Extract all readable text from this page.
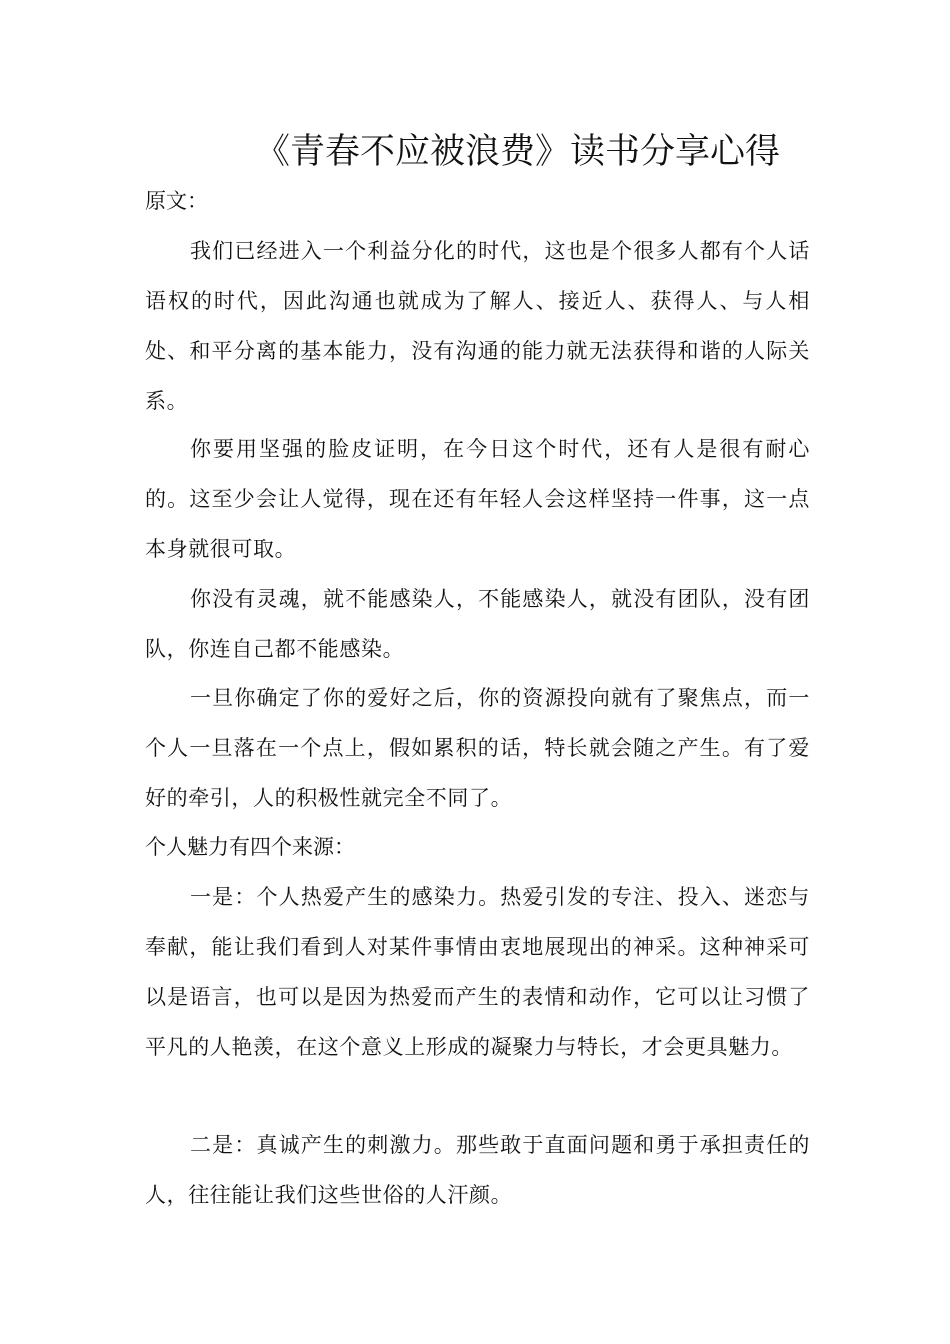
《青春不应被浪费》读书分享心得
原文：

我们已经进入一个利益分化的时代，这也是个很多人都有个人话语权的时代，因此沟通也就成为了解人、接近人、获得人、与人相处、和平分离的基本能力，没有沟通的能力就无法获得和谐的人际关系。

你要用坚强的脸皮证明，在今日这个时代，还有人是很有耐心的。这至少会让人觉得，现在还有年轻人会这样坚持一件事，这一点本身就很可取。

你没有灵魂，就不能感染人，不能感染人，就没有团队，没有团队，你连自己都不能感染。

一旦你确定了你的爱好之后，你的资源投向就有了聚焦点，而一个人一旦落在一个点上，假如累积的话，特长就会随之产生。有了爱好的牵引，人的积极性就完全不同了。

个人魅力有四个来源：

一是：个人热爱产生的感染力。热爱引发的专注、投入、迷恋与奉献，能让我们看到人对某件事情由衷地展现出的神采。这种神采可以是语言，也可以是因为热爱而产生的表情和动作，它可以让习惯了平凡的人艳羡，在这个意义上形成的凝聚力与特长，才会更具魅力。

二是：真诚产生的刺激力。那些敢于直面问题和勇于承担责任的人，往往能让我们这些世俗的人汗颜。
